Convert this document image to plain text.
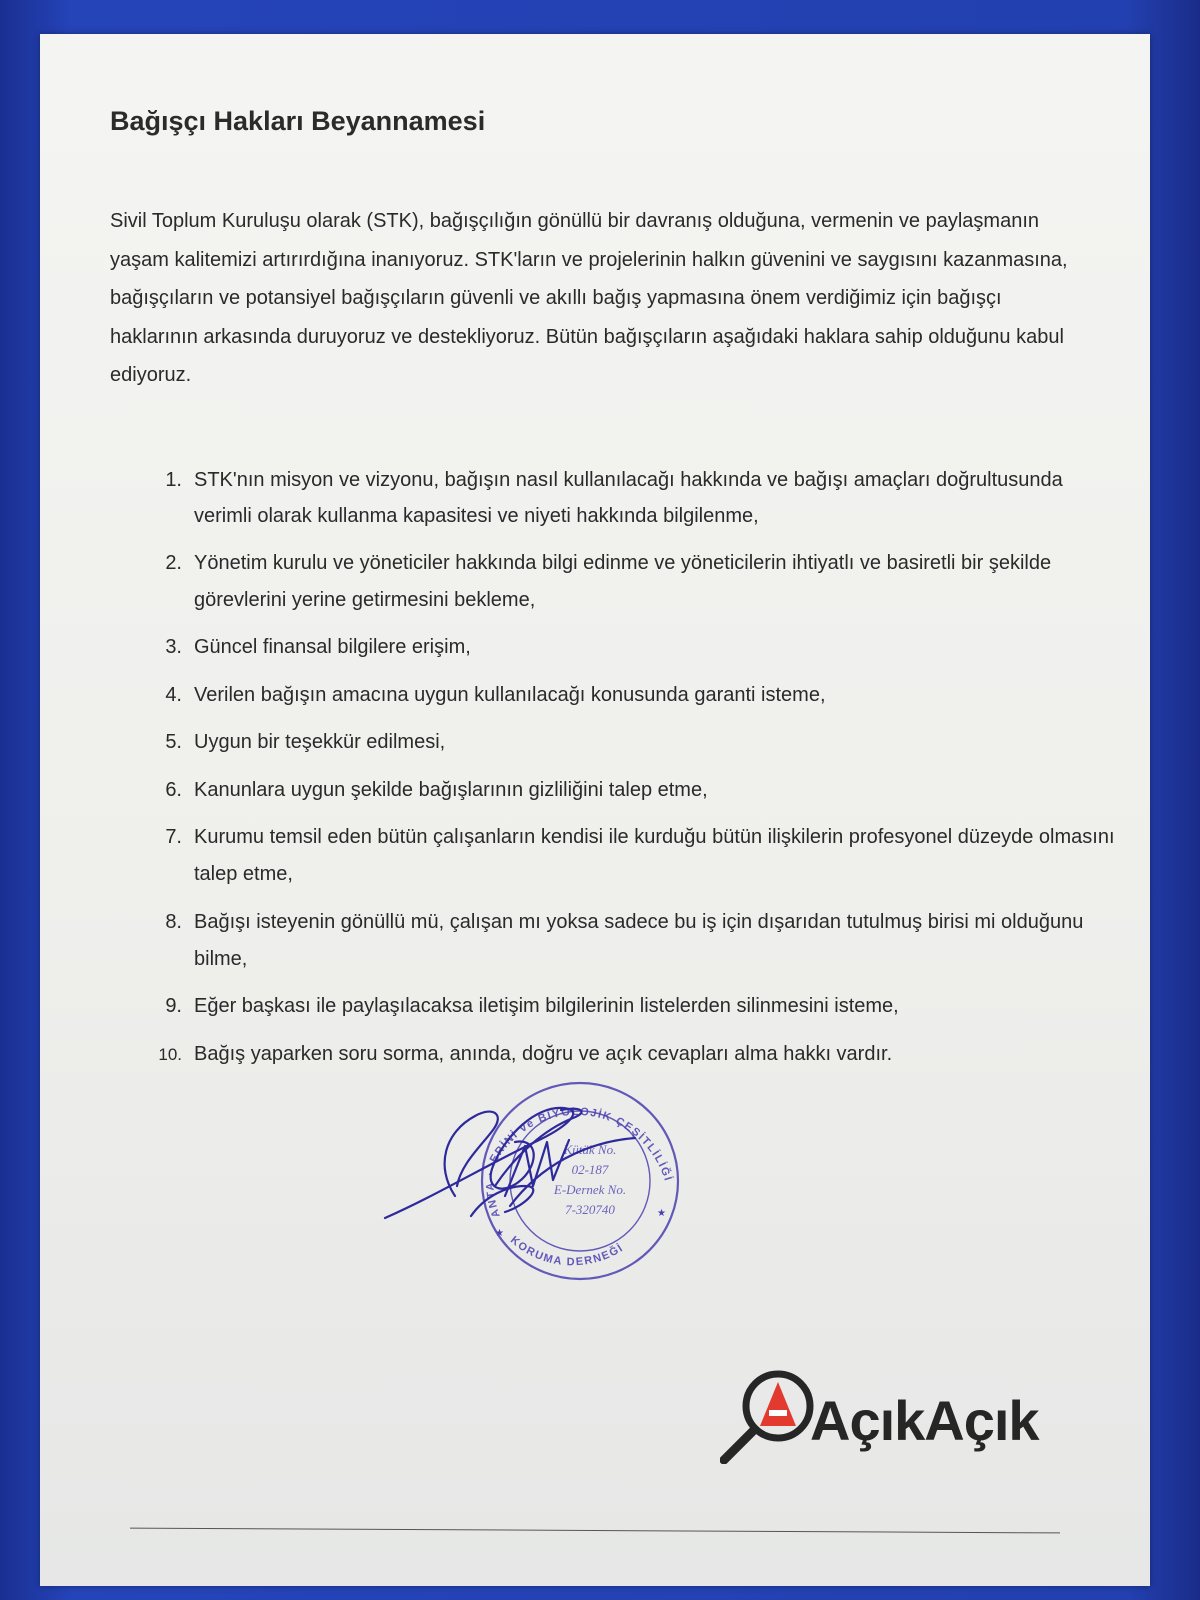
Bağışçı Hakları Beyannamesi

Sivil Toplum Kuruluşu olarak (STK), bağışçılığın gönüllü bir davranış olduğuna, vermenin ve paylaşmanın yaşam kalitemizi artırırdığına inanıyoruz. STK'ların ve projelerinin halkın güvenini ve saygısını kazanmasına, bağışçıların ve potansiyel bağışçıların güvenli ve akıllı bağış yapmasına önem verdiğimiz için bağışçı haklarının arkasında duruyoruz ve destekliyoruz. Bütün bağışçıların aşağıdaki haklara sahip olduğunu kabul ediyoruz.

1. STK'nın misyon ve vizyonu, bağışın nasıl kullanılacağı hakkında ve bağışı amaçları doğrultusunda verimli olarak kullanma kapasitesi ve niyeti hakkında bilgilenme,
2. Yönetim kurulu ve yöneticiler hakkında bilgi edinme ve yöneticilerin ihtiyatlı ve basiretli bir şekilde görevlerini yerine getirmesini bekleme,
3. Güncel finansal bilgilere erişim,
4. Verilen bağışın amacına uygun kullanılacağı konusunda garanti isteme,
5. Uygun bir teşekkür edilmesi,
6. Kanunlara uygun şekilde bağışlarının gizliliğini talep etme,
7. Kurumu temsil eden bütün çalışanların kendisi ile kurduğu bütün ilişkilerin profesyonel düzeyde olmasını talep etme,
8. Bağışı isteyenin gönüllü mü, çalışan mı yoksa sadece bu iş için dışarıdan tutulmuş birisi mi olduğunu bilme,
9. Eğer başkası ile paylaşılacaksa iletişim bilgilerinin listelerden silinmesini isteme,
10. Bağış yaparken soru sorma, anında, doğru ve açık cevapları alma hakkı vardır.
...ERİNİ ve BİYOLOJİK ÇEŞİTLİLİĞİ
KORUMA DERNEĞİ
ANTA
Kütük No.
02-187
E-Dernek No.
7-320740
★
★
AçıkAçık
